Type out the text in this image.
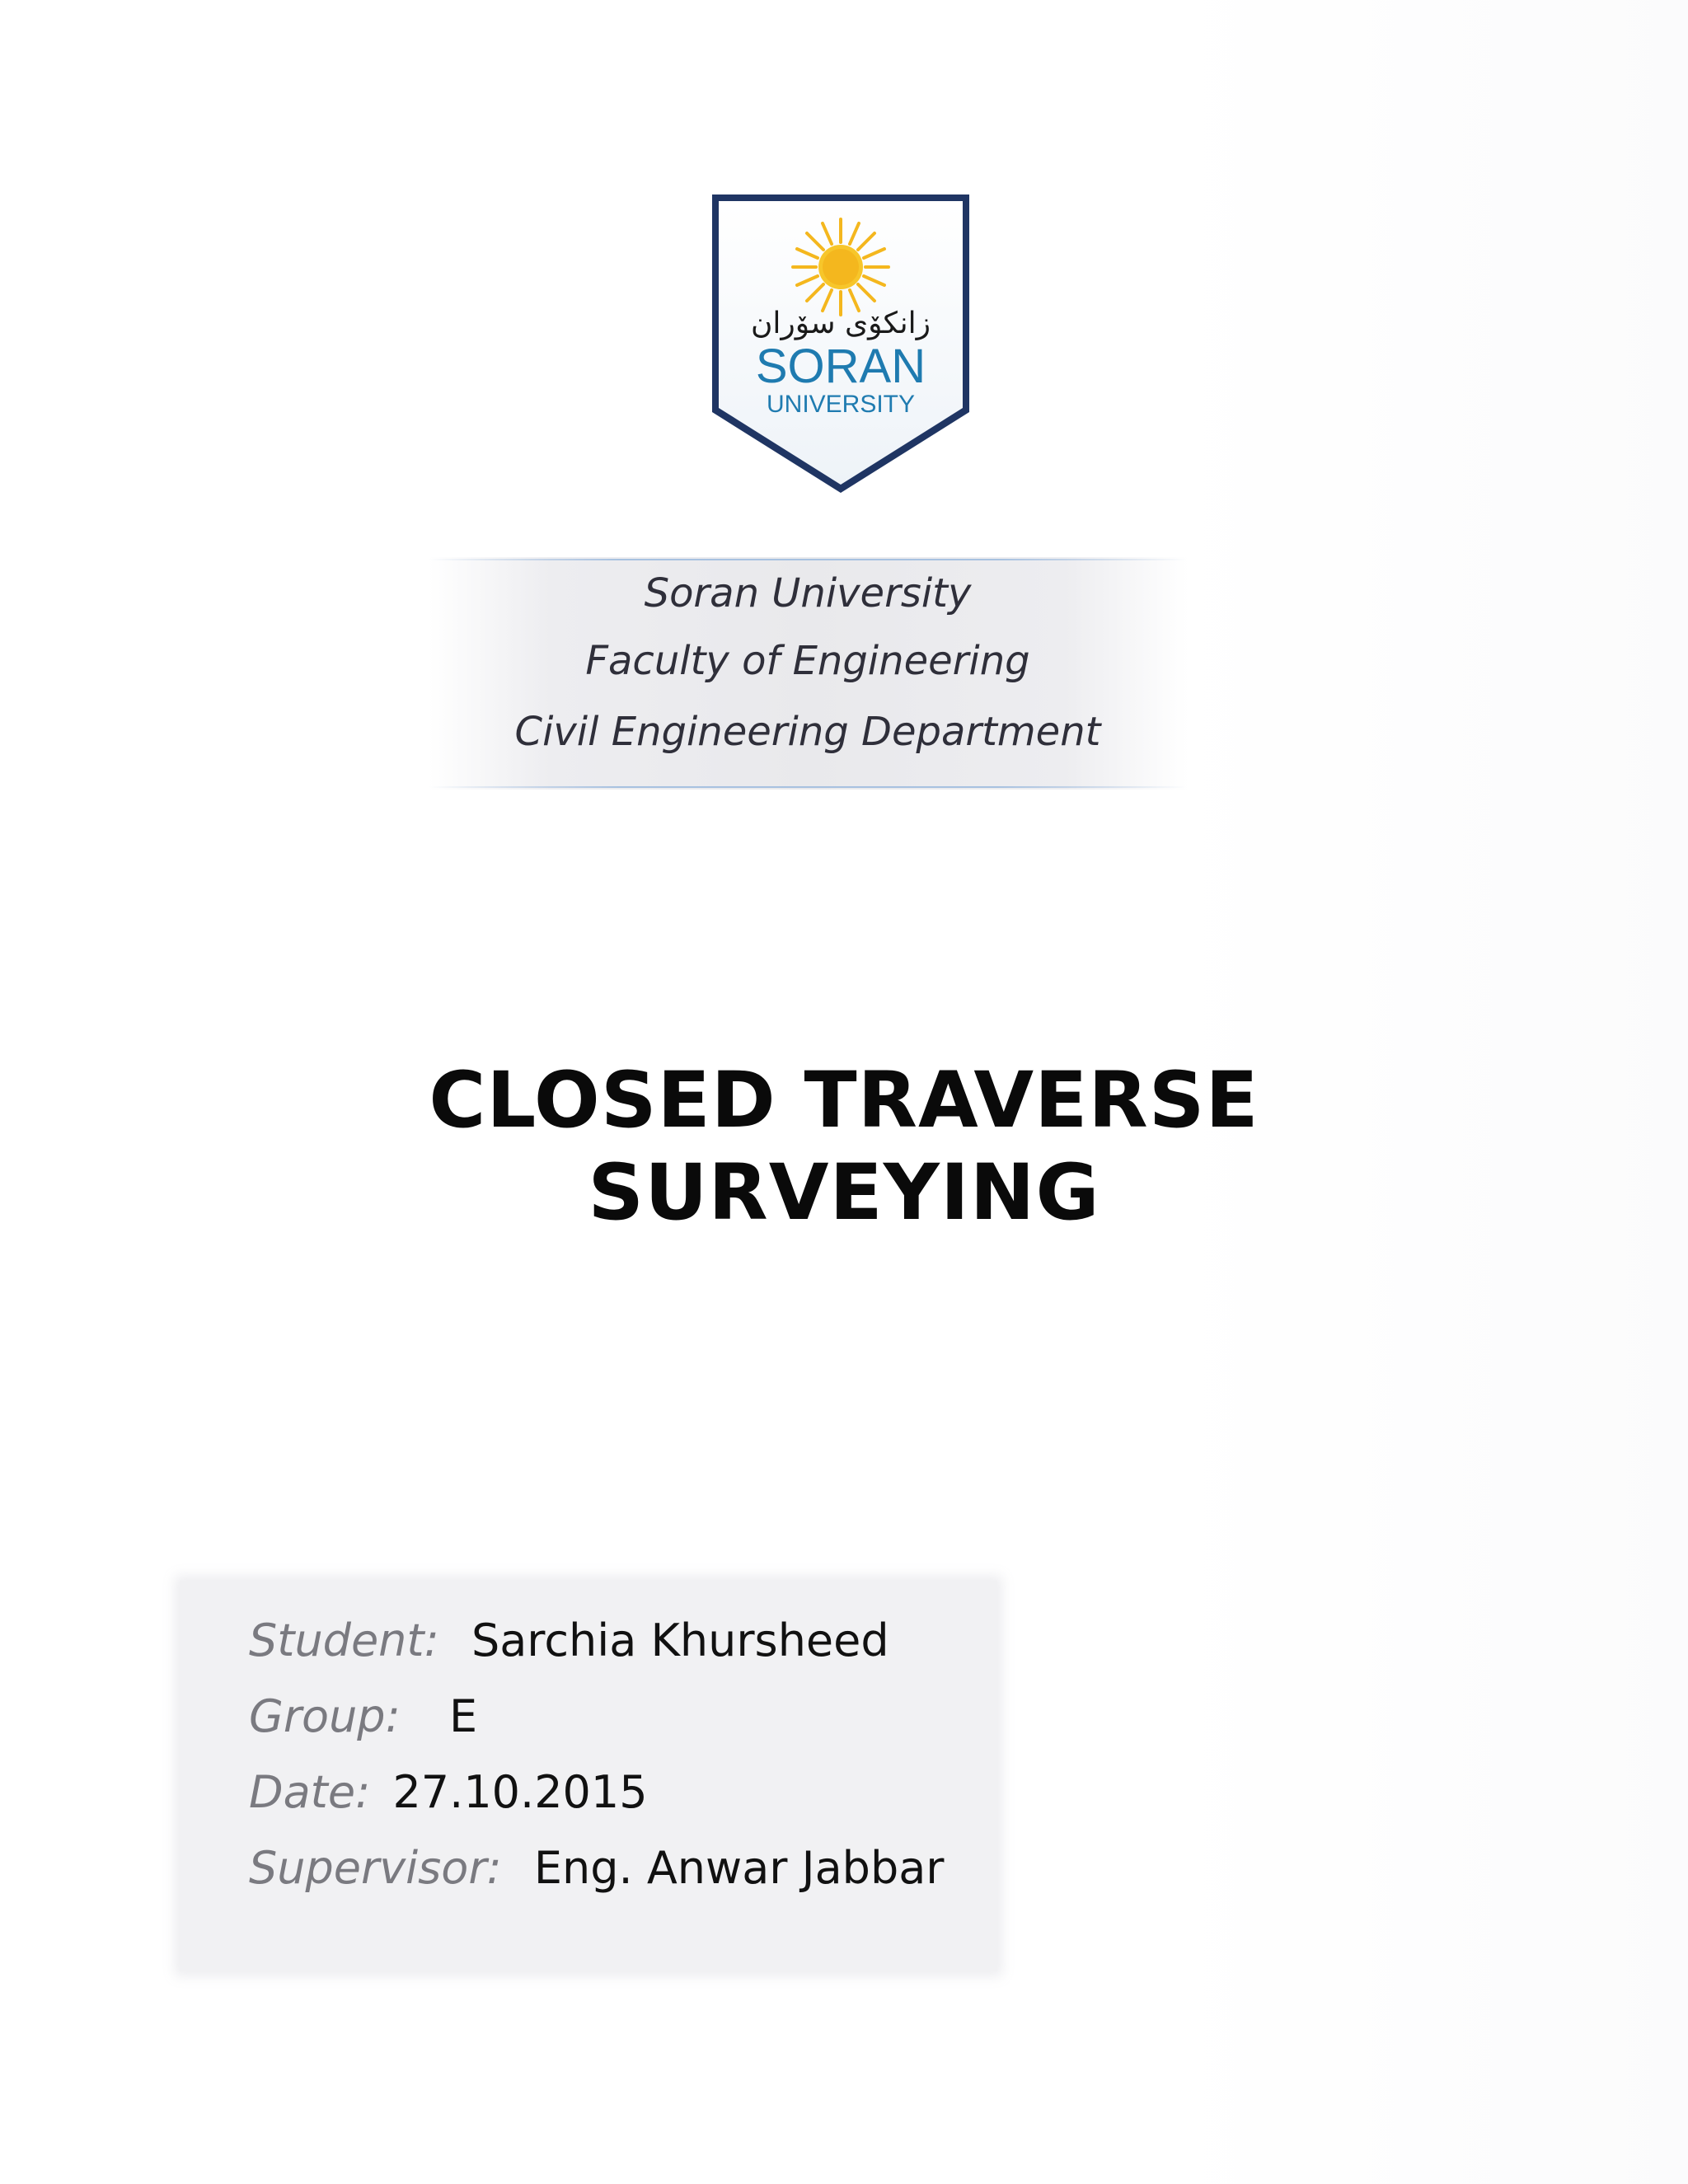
زانكۆی سۆران
SORAN
UNIVERSITY
Soran University
Faculty of Engineering
Civil Engineering Department
CLOSED TRAVERSE
SURVEYING
Student: Sarchia Khursheed
Group: E
Date: 27.10.2015
Supervisor: Eng. Anwar Jabbar
